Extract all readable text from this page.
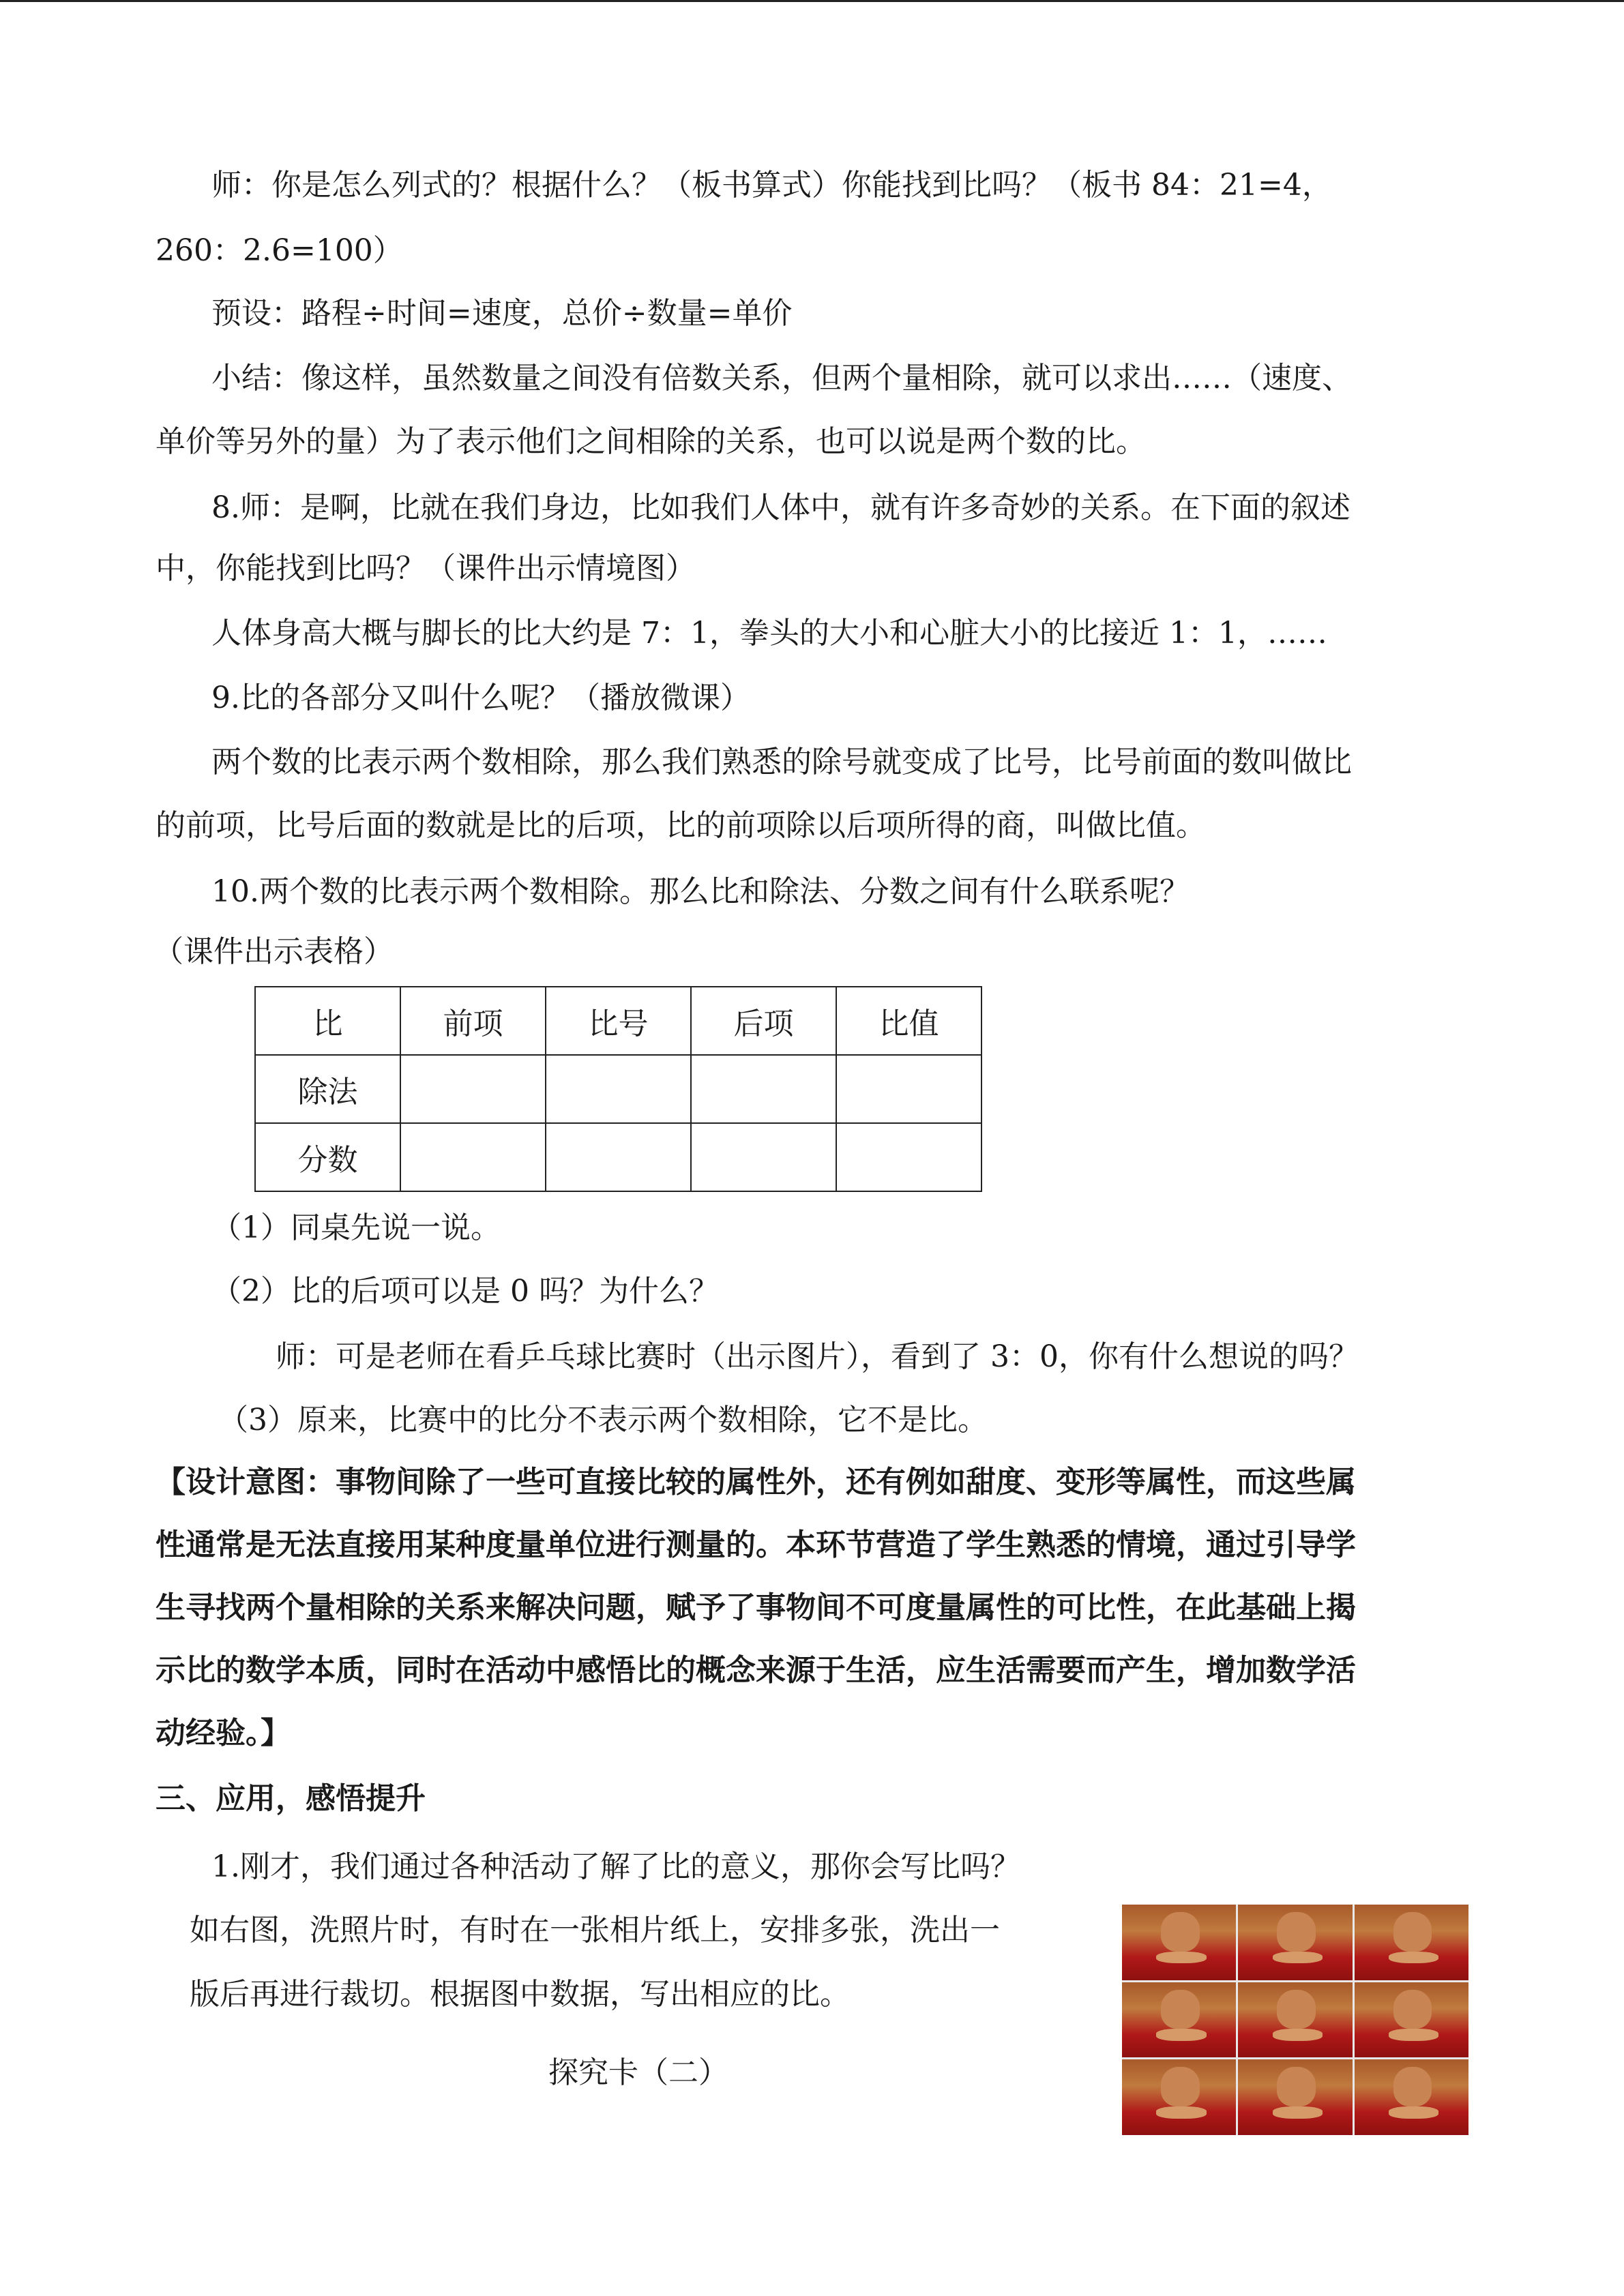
师：你是怎么列式的？根据什么？（板书算式）你能找到比吗？（板书 84：21=4，
260：2.6=100）
预设：路程÷时间=速度，总价÷数量=单价
小结：像这样，虽然数量之间没有倍数关系，但两个量相除，就可以求出……（速度、
单价等另外的量）为了表示他们之间相除的关系，也可以说是两个数的比。
8.师：是啊，比就在我们身边，比如我们人体中，就有许多奇妙的关系。在下面的叙述
中，你能找到比吗？（课件出示情境图）
人体身高大概与脚长的比大约是 7：1，拳头的大小和心脏大小的比接近 1：1，……
9.比的各部分又叫什么呢？（播放微课）
两个数的比表示两个数相除，那么我们熟悉的除号就变成了比号，比号前面的数叫做比
的前项，比号后面的数就是比的后项，比的前项除以后项所得的商，叫做比值。
10.两个数的比表示两个数相除。那么比和除法、分数之间有什么联系呢？
（课件出示表格）
比	前项	比号	后项	比值
除法				
分数				
（1）同桌先说一说。
（2）比的后项可以是 0 吗？为什么？
师：可是老师在看乒乓球比赛时（出示图片），看到了 3：0，你有什么想说的吗？
（3）原来，比赛中的比分不表示两个数相除，它不是比。
【设计意图：事物间除了一些可直接比较的属性外，还有例如甜度、变形等属性，而这些属
性通常是无法直接用某种度量单位进行测量的。本环节营造了学生熟悉的情境，通过引导学
生寻找两个量相除的关系来解决问题，赋予了事物间不可度量属性的可比性，在此基础上揭
示比的数学本质，同时在活动中感悟比的概念来源于生活，应生活需要而产生，增加数学活
动经验。】
三、应用，感悟提升
1.刚才，我们通过各种活动了解了比的意义，那你会写比吗？
如右图，洗照片时，有时在一张相片纸上，安排多张，洗出一
版后再进行裁切。根据图中数据，写出相应的比。
探究卡（二）
